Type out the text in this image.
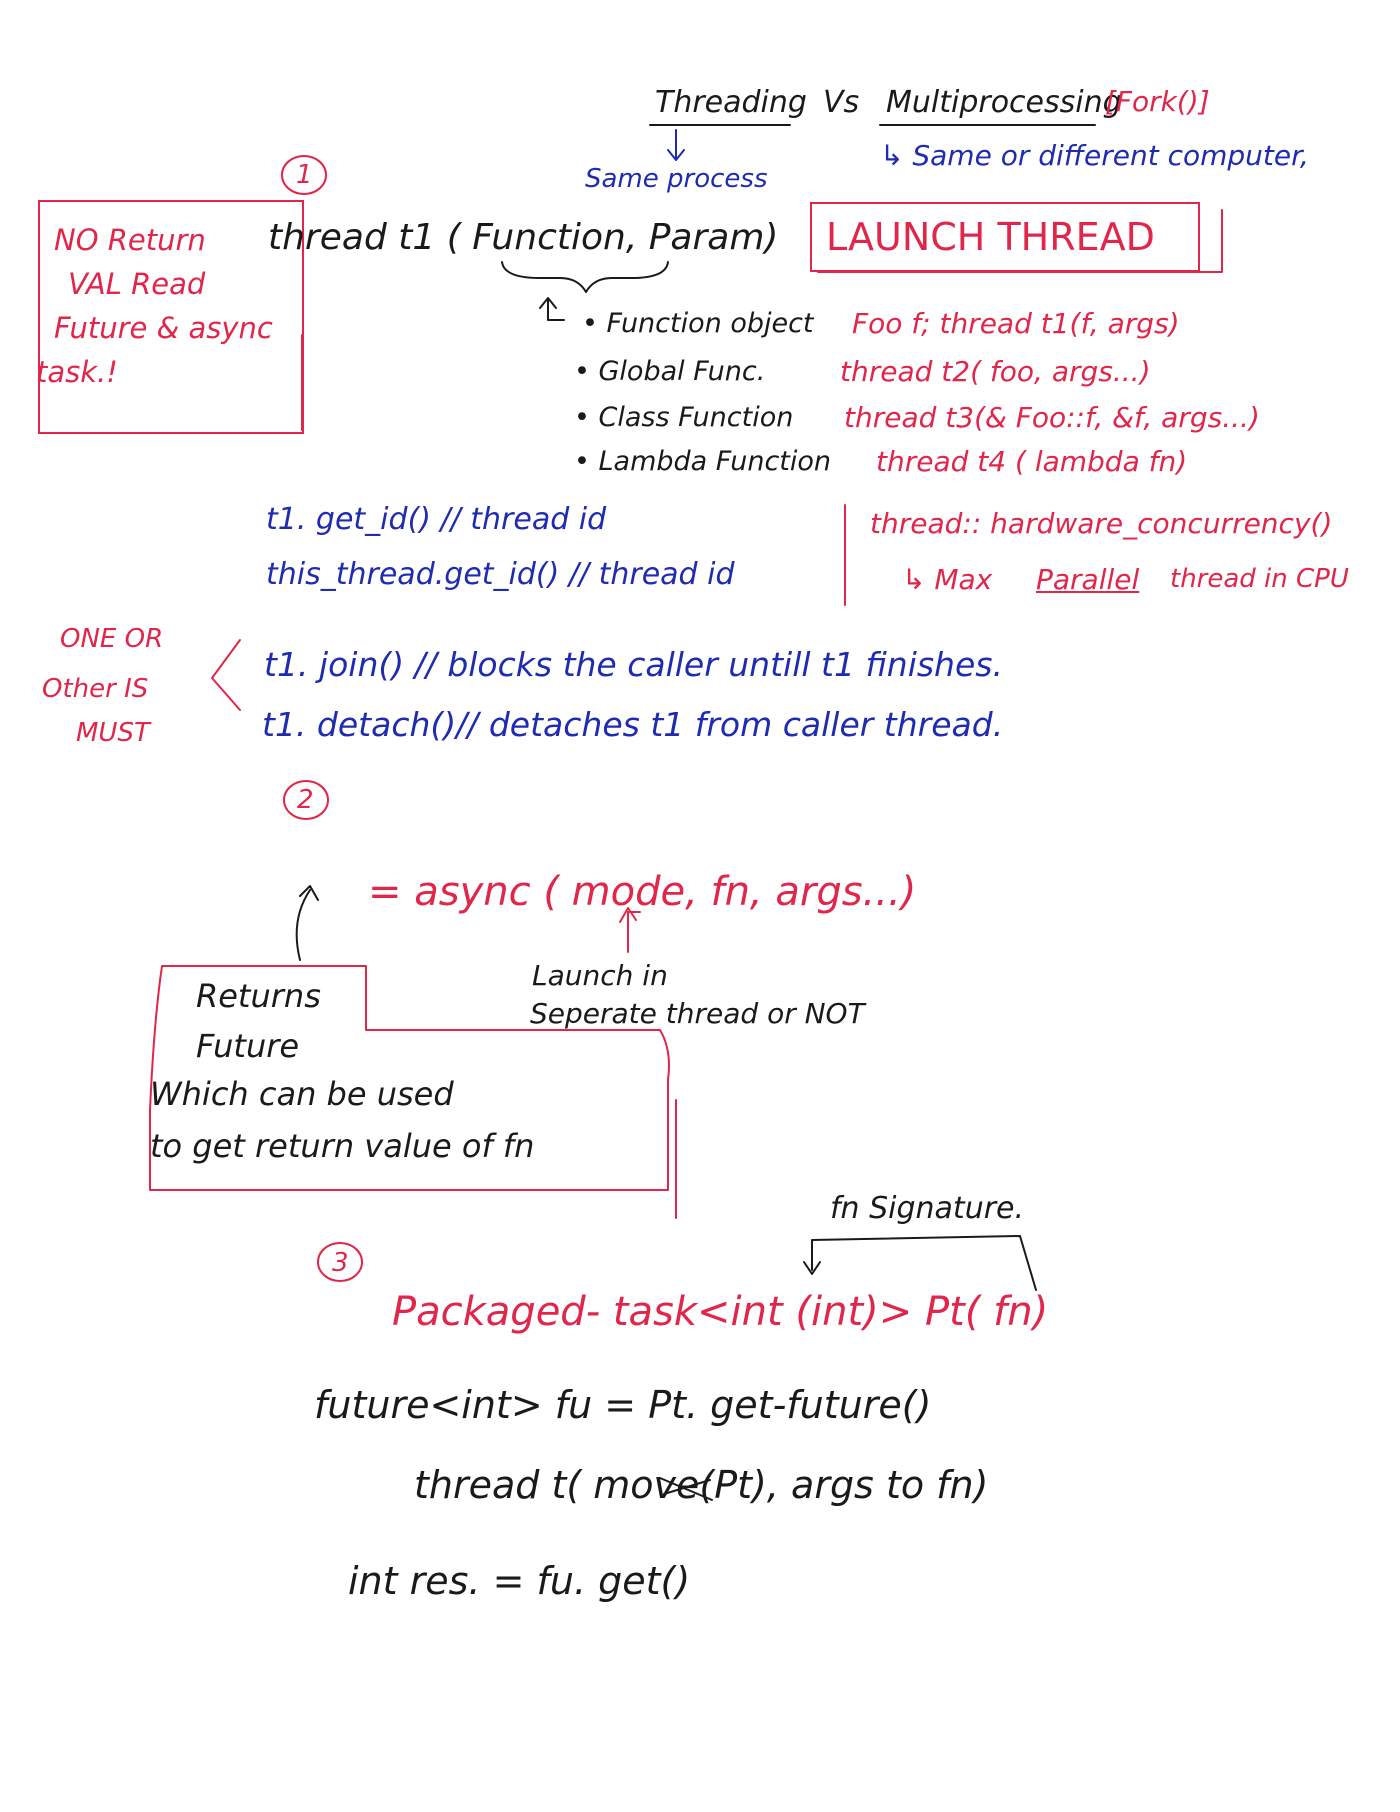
Threading Vs Multiprocessing
[Fork()]
Same process
↳ Same or different computer,
1
NO Return
VAL Read
Future & async
task.!
thread t1 ( Function, Param) LAUNCH THREAD
• Function object Foo f; thread t1(f, args)
• Global Func.	thread t2( foo, args...)
• Class Function thread t3(& Foo::f, &f, args...)
• Lambda Function thread t4 ( lambda fn)
t1. get_id() // thread id
this_thread.get_id() // thread id
thread:: hardware_concurrency()
↳ Max Parallel thread in CPU
ONE OR
Other IS
MUST
t1. join() // blocks the caller untill t1 finishes.
t1. detach()// detaches t1 from caller thread.
2
= async ( mode, fn, args...)
Launch in
Seperate thread or NOT
Returns
Future
Which can be used
to get return value of fn
3
fn Signature.
Packaged- task<int (int)> Pt( fn)
future<int> fu = Pt. get-future()
thread t( move(Pt), args to fn)
int res. = fu. get()
